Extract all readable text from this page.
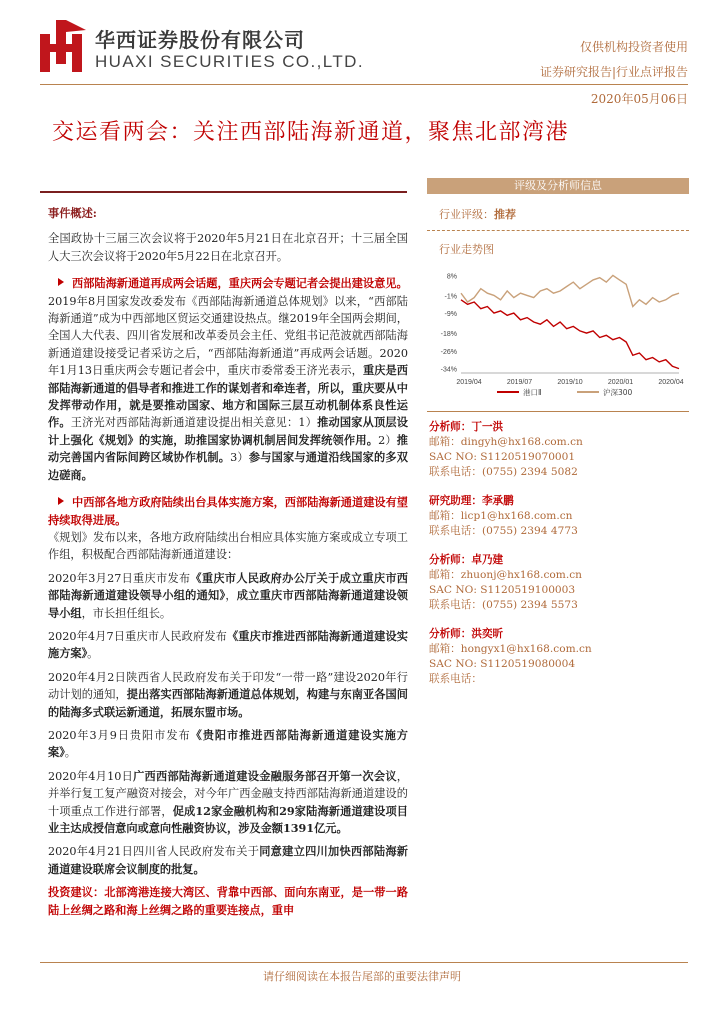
华西证券股份有限公司
HUAXI SECURITIES CO.,LTD.
仅供机构投资者使用
证券研究报告|行业点评报告
2020年05月06日
交运看两会：关注西部陆海新通道，聚焦北部湾港

事件概述:

全国政协十三届三次会议将于2020年5月21日在北京召开；十三届全国人大三次会议将于2020年5月22日在北京召开。

西部陆海新通道再成两会话题，重庆两会专题记者会提出建设意见。

2019年8月国家发改委发布《西部陆海新通道总体规划》以来，“西部陆海新通道”成为中西部地区贸运交通建设热点。继2019年全国两会期间，全国人大代表、四川省发展和改革委员会主任、党组书记范波就西部陆海新通道建设接受记者采访之后，“西部陆海新通道”再成两会话题。2020年1月13日重庆两会专题记者会中，重庆市委常委王济光表示，重庆是西部陆海新通道的倡导者和推进工作的谋划者和牵连者，所以，重庆要从中发挥带动作用，就是要推动国家、地方和国际三层互动机制体系良性运作。王济光对西部陆海新通道建设提出相关意见：1）推动国家从顶层设计上强化《规划》的实施，助推国家协调机制居间发挥统领作用。2）推动完善国内省际间跨区域协作机制。3）参与国家与通道沿线国家的多双边磋商。

中西部各地方政府陆续出台具体实施方案，西部陆海新通道建设有望持续取得进展。

《规划》发布以来，各地方政府陆续出台相应具体实施方案或成立专项工作组，积极配合西部陆海新通道建设：

2020年3月27日重庆市发布《重庆市人民政府办公厅关于成立重庆市西部陆海新通道建设领导小组的通知》，成立重庆市西部陆海新通道建设领导小组，市长担任组长。

2020年4月7日重庆市人民政府发布《重庆市推进西部陆海新通道建设实施方案》。

2020年4月2日陕西省人民政府发布关于印发“一带一路”建设2020年行动计划的通知，提出落实西部陆海新通道总体规划，构建与东南亚各国间的陆海多式联运新通道，拓展东盟市场。

2020年3月9日贵阳市发布《贵阳市推进西部陆海新通道建设实施方案》。

2020年4月10日广西西部陆海新通道建设金融服务部召开第一次会议，并举行复工复产融资对接会，对今年广西金融支持西部陆海新通道建设的十项重点工作进行部署，促成12家金融机构和29家陆海新通道建设项目业主达成授信意向或意向性融资协议，涉及金额1391亿元。

2020年4月21日四川省人民政府发布关于同意建立四川加快西部陆海新通道建设联席会议制度的批复。

投资建议：北部湾港连接大湾区、背靠中西部、面向东南亚，是一带一路陆上丝绸之路和海上丝绸之路的重要连接点，重申

评级及分析师信息
行业评级：推荐
行业走势图
8%
-1%
-9%
-18%
-26%
-34%
2019/04	2019/07	2019/10	2020/01	2020/04
港口Ⅱ	沪深300
分析师：丁一洪
邮箱：dingyh@hx168.com.cn
SAC NO: S1120519070001
联系电话：(0755) 2394 5082
研究助理：李承鹏
邮箱：licp1@hx168.com.cn
联系电话：(0755) 2394 4773
分析师：卓乃建
邮箱：zhuonj@hx168.com.cn
SAC NO: S1120519100003
联系电话：(0755) 2394 5573
分析师：洪奕昕
邮箱：hongyx1@hx168.com.cn
SAC NO: S1120519080004
联系电话：
请仔细阅读在本报告尾部的重要法律声明
